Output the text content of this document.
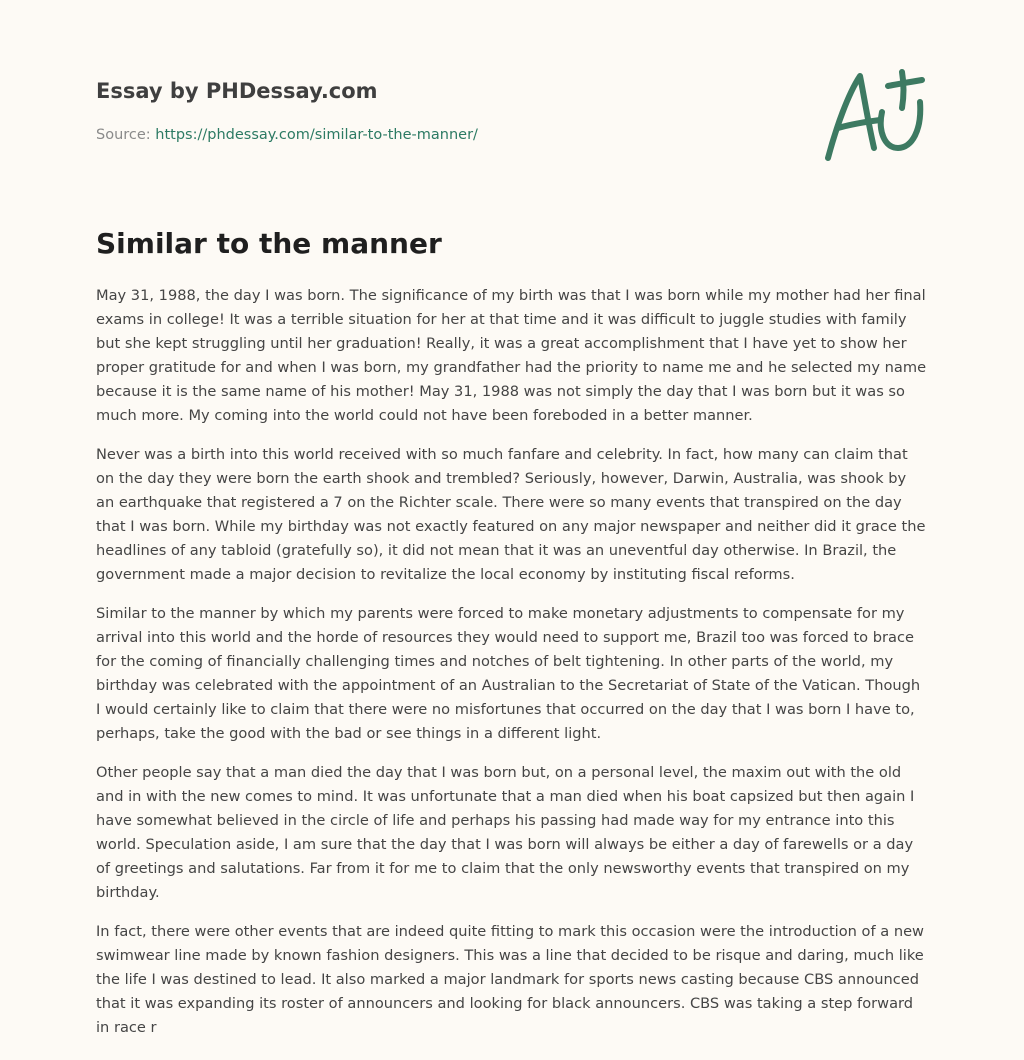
Essay by PHDessay.com
Source: https://phdessay.com/similar-to-the-manner/
Similar to the manner

May 31, 1988, the day I was born. The significance of my birth was that I was born while my mother had her final exams in college! It was a terrible situation for her at that time and it was difficult to juggle studies with family but she kept struggling until her graduation! Really, it was a great accomplishment that I have yet to show her proper gratitude for and when I was born, my grandfather had the priority to name me and he selected my name because it is the same name of his mother! May 31, 1988 was not simply the day that I was born but it was so much more. My coming into the world could not have been foreboded in a better manner.

Never was a birth into this world received with so much fanfare and celebrity. In fact, how many can claim that on the day they were born the earth shook and trembled? Seriously, however, Darwin, Australia, was shook by an earthquake that registered a 7 on the Richter scale. There were so many events that transpired on the day that I was born. While my birthday was not exactly featured on any major newspaper and neither did it grace the headlines of any tabloid (gratefully so), it did not mean that it was an uneventful day otherwise. In Brazil, the government made a major decision to revitalize the local economy by instituting fiscal reforms.

Similar to the manner by which my parents were forced to make monetary adjustments to compensate for my arrival into this world and the horde of resources they would need to support me, Brazil too was forced to brace for the coming of financially challenging times and notches of belt tightening. In other parts of the world, my birthday was celebrated with the appointment of an Australian to the Secretariat of State of the Vatican. Though I would certainly like to claim that there were no misfortunes that occurred on the day that I was born I have to, perhaps, take the good with the bad or see things in a different light.

Other people say that a man died the day that I was born but, on a personal level, the maxim out with the old and in with the new comes to mind. It was unfortunate that a man died when his boat capsized but then again I have somewhat believed in the circle of life and perhaps his passing had made way for my entrance into this world. Speculation aside, I am sure that the day that I was born will always be either a day of farewells or a day of greetings and salutations. Far from it for me to claim that the only newsworthy events that transpired on my birthday.

In fact, there were other events that are indeed quite fitting to mark this occasion were the introduction of a new swimwear line made by known fashion designers. This was a line that decided to be risque and daring, much like the life I was destined to lead. It also marked a major landmark for sports news casting because CBS announced that it was expanding its roster of announcers and looking for black announcers. CBS was taking a step forward in race r
